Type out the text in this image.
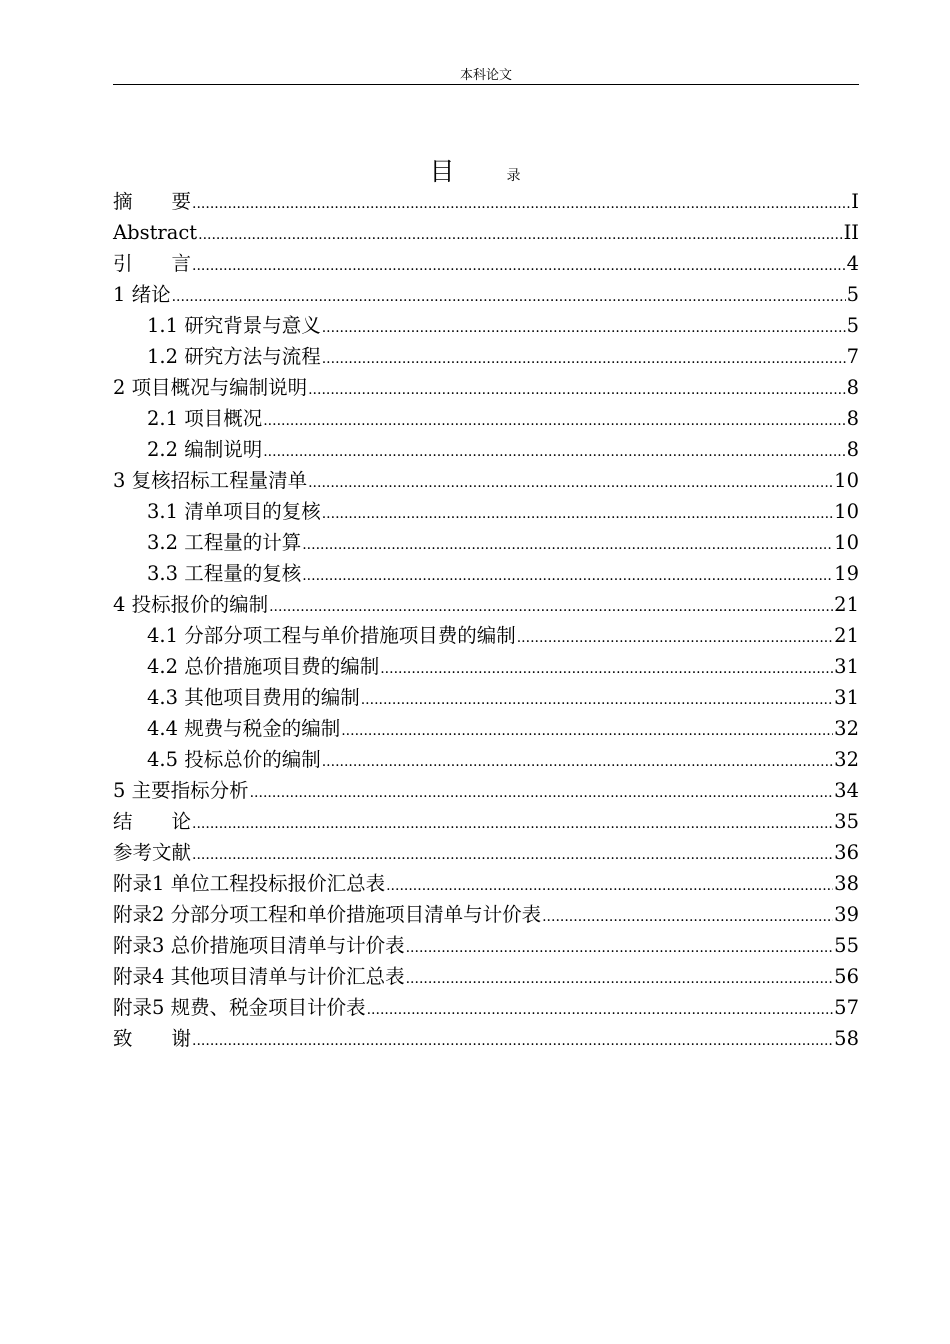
本科论文
目	录
摘　　要 .....	I
Abstract .....	II
引　　言 .....	4
1 绪论 .....	5
1.1 研究背景与意义 .....	5
1.2 研究方法与流程 .....	7
2 项目概况与编制说明 .....	8
2.1 项目概况 .....	8
2.2 编制说明 .....	8
3 复核招标工程量清单 .....	10
3.1 清单项目的复核 .....	10
3.2 工程量的计算 .....	10
3.3 工程量的复核 .....	19
4 投标报价的编制 .....	21
4.1 分部分项工程与单价措施项目费的编制 .....	21
4.2 总价措施项目费的编制 .....	31
4.3 其他项目费用的编制 .....	31
4.4 规费与税金的编制 .....	32
4.5 投标总价的编制 .....	32
5 主要指标分析 .....	34
结　　论 .....	35
参考文献 .....	36
附录1 单位工程投标报价汇总表 .....	38
附录2 分部分项工程和单价措施项目清单与计价表 .....	39
附录3 总价措施项目清单与计价表 .....	55
附录4 其他项目清单与计价汇总表 .....	56
附录5 规费、税金项目计价表 .....	57
致　　谢 .....	58
